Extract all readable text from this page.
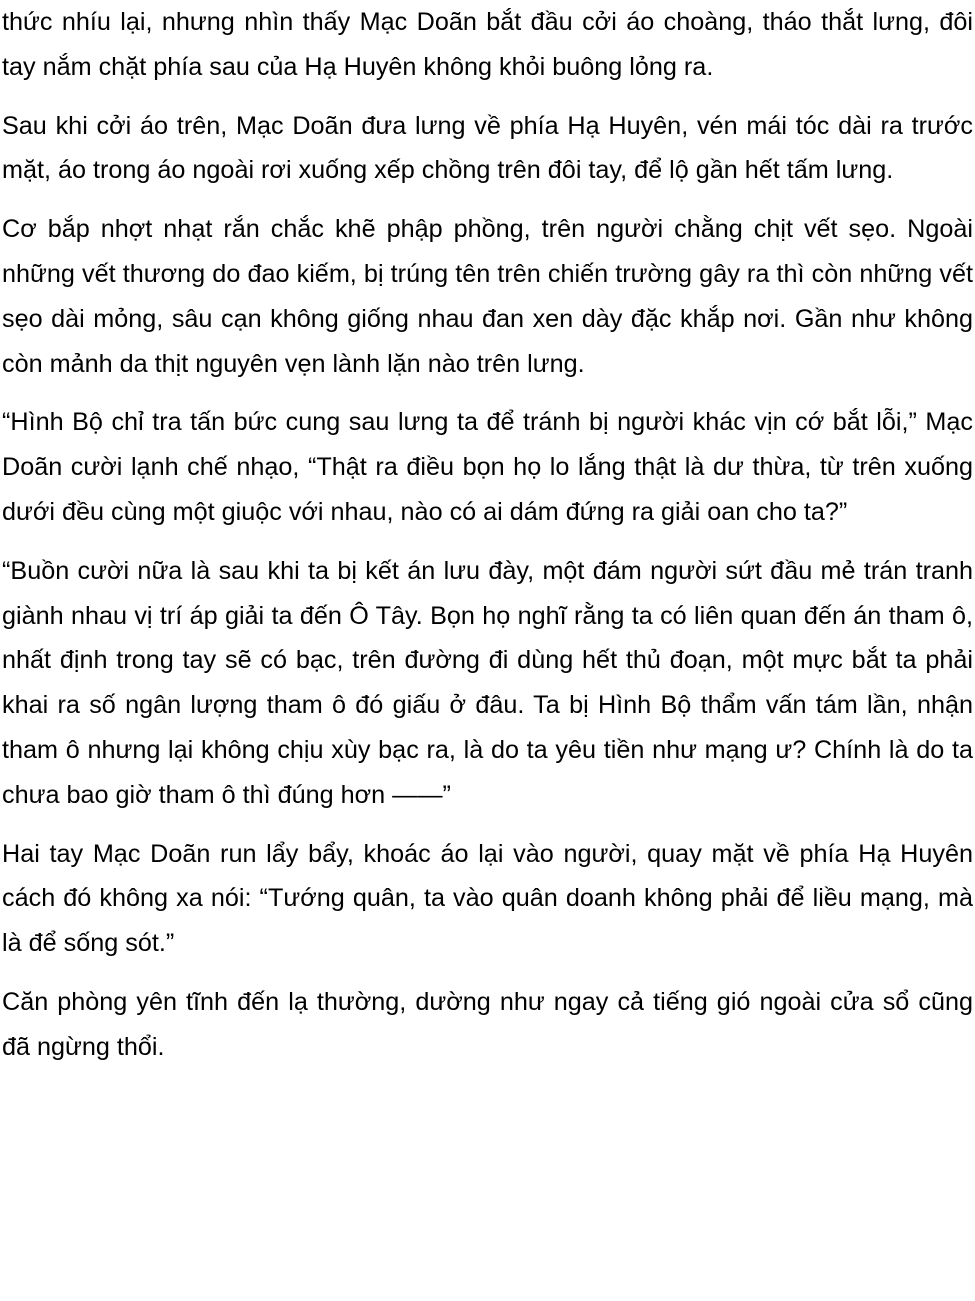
thức nhíu lại, nhưng nhìn thấy Mạc Doãn bắt đầu cởi áo choàng, tháo thắt lưng, đôi tay nắm chặt phía sau của Hạ Huyên không khỏi buông lỏng ra.

Sau khi cởi áo trên, Mạc Doãn đưa lưng về phía Hạ Huyên, vén mái tóc dài ra trước mặt, áo trong áo ngoài rơi xuống xếp chồng trên đôi tay, để lộ gần hết tấm lưng.

Cơ bắp nhợt nhạt rắn chắc khẽ phập phồng, trên người chằng chịt vết sẹo. Ngoài những vết thương do đao kiếm, bị trúng tên trên chiến trường gây ra thì còn những vết sẹo dài mỏng, sâu cạn không giống nhau đan xen dày đặc khắp nơi. Gần như không còn mảnh da thịt nguyên vẹn lành lặn nào trên lưng.

“Hình Bộ chỉ tra tấn bức cung sau lưng ta để tránh bị người khác vịn cớ bắt lỗi,” Mạc Doãn cười lạnh chế nhạo, “Thật ra điều bọn họ lo lắng thật là dư thừa, từ trên xuống dưới đều cùng một giuộc với nhau, nào có ai dám đứng ra giải oan cho ta?”

“Buồn cười nữa là sau khi ta bị kết án lưu đày, một đám người sứt đầu mẻ trán tranh giành nhau vị trí áp giải ta đến Ô Tây. Bọn họ nghĩ rằng ta có liên quan đến án tham ô, nhất định trong tay sẽ có bạc, trên đường đi dùng hết thủ đoạn, một mực bắt ta phải khai ra số ngân lượng tham ô đó giấu ở đâu. Ta bị Hình Bộ thẩm vấn tám lần, nhận tham ô nhưng lại không chịu xùy bạc ra, là do ta yêu tiền như mạng ư? Chính là do ta chưa bao giờ tham ô thì đúng hơn ——”

Hai tay Mạc Doãn run lẩy bẩy, khoác áo lại vào người, quay mặt về phía Hạ Huyên cách đó không xa nói: “Tướng quân, ta vào quân doanh không phải để liều mạng, mà là để sống sót.”

Căn phòng yên tĩnh đến lạ thường, dường như ngay cả tiếng gió ngoài cửa sổ cũng đã ngừng thổi.
